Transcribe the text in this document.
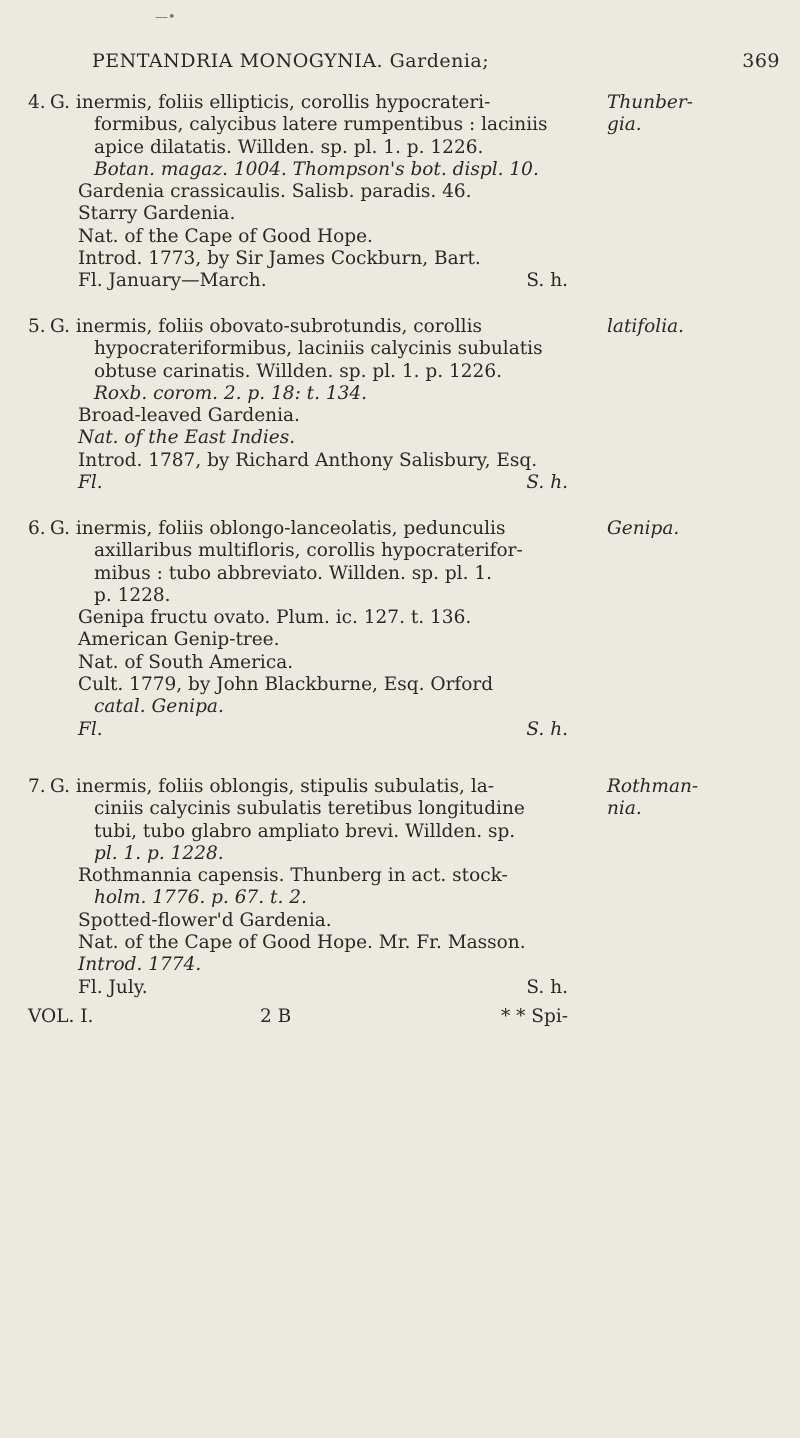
—•
PENTANDRIA MONOGYNIA. Gardenia;	369
4. G. inermis, foliis ellipticis, corollis hypocrateri-
formibus, calycibus latere rumpentibus : laciniis
apice dilatatis. Willden. sp. pl. 1. p. 1226.
Botan. magaz. 1004. Thompson's bot. displ. 10.
Gardenia crassicaulis. Salisb. paradis. 46.
Starry Gardenia.
Nat. of the Cape of Good Hope.
Introd. 1773, by Sir James Cockburn, Bart.
Fl. January—March.	S. h.
Thunber-
gia.
5. G. inermis, foliis obovato-subrotundis, corollis
hypocrateriformibus, laciniis calycinis subulatis
obtuse carinatis. Willden. sp. pl. 1. p. 1226.
Roxb. corom. 2. p. 18: t. 134.
Broad-leaved Gardenia.
Nat. of the East Indies.
Introd. 1787, by Richard Anthony Salisbury, Esq.
Fl.	S. h.
latifolia.
6. G. inermis, foliis oblongo-lanceolatis, pedunculis
axillaribus multifloris, corollis hypocraterifor-
mibus : tubo abbreviato. Willden. sp. pl. 1.
p. 1228.
Genipa fructu ovato. Plum. ic. 127. t. 136.
American Genip-tree.
Nat. of South America.
Cult. 1779, by John Blackburne, Esq. Orford
catal. Genipa.
Fl.	S. h.
Genipa.
7. G. inermis, foliis oblongis, stipulis subulatis, la-
ciniis calycinis subulatis teretibus longitudine
tubi, tubo glabro ampliato brevi. Willden. sp.
pl. 1. p. 1228.
Rothmannia capensis. Thunberg in act. stock-
holm. 1776. p. 67. t. 2.
Spotted-flower'd Gardenia.
Nat. of the Cape of Good Hope. Mr. Fr. Masson.
Introd. 1774.
Fl. July.	S. h.
Rothman-
nia.
VOL. I.	2 B	* * Spi-
